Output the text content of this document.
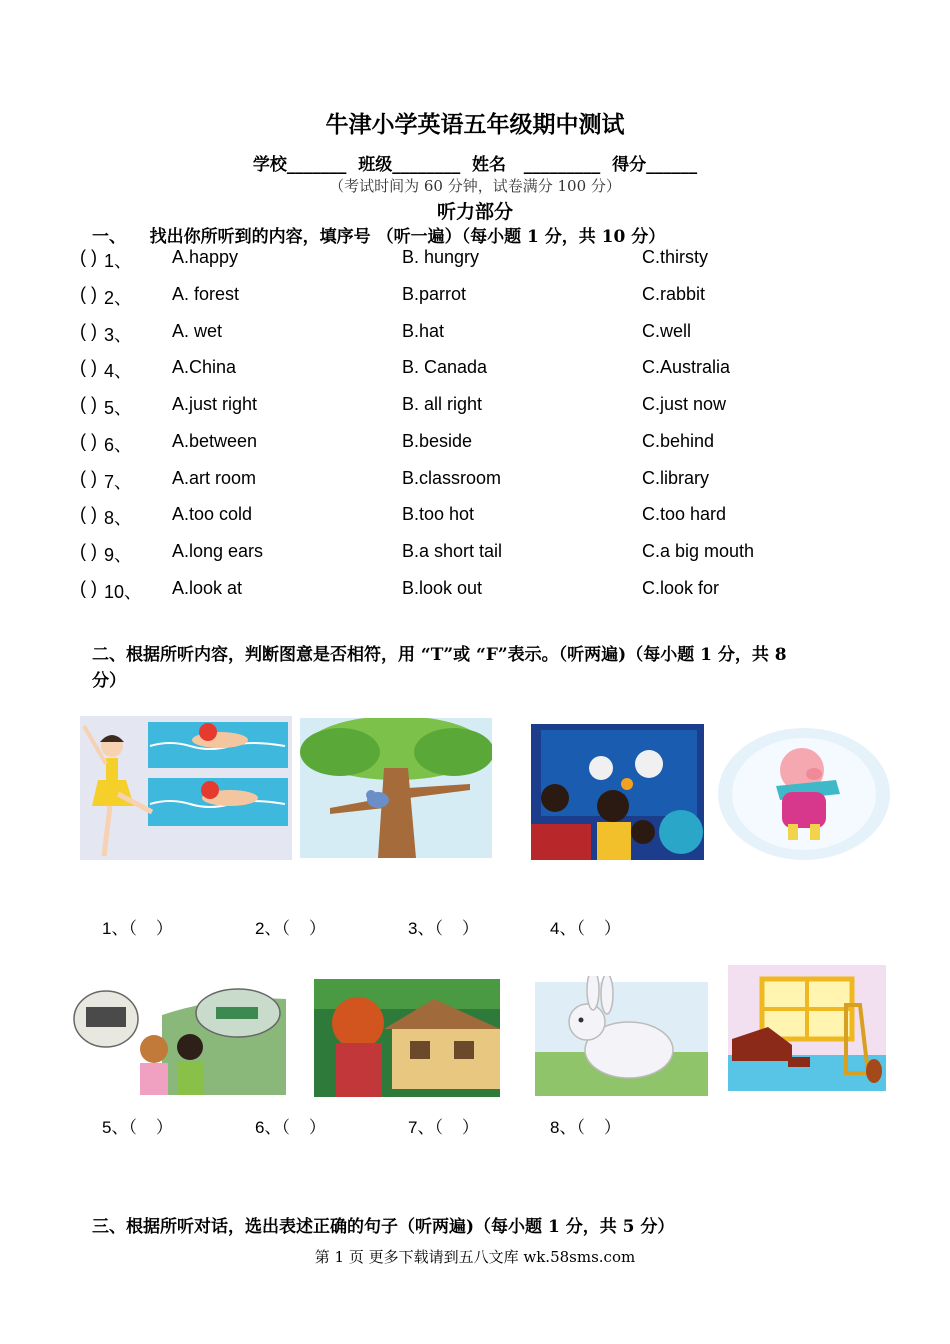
牛津小学英语五年级期中测试
学校_______  班级________  姓名   _________  得分______
（考试时间为 60 分钟，试卷满分 100 分）
听力部分
一、    找出你所听到的内容，填序号 （听一遍）（每小题 1 分，共 10 分）
( ) 1、 A.happy	B. hungry	C.thirsty
( ) 2、 A. forest	B.parrot	C.rabbit
( ) 3、 A. wet	B.hat	C.well
( ) 4、 A.China	B. Canada	C.Australia
( ) 5、 A.just right	B. all right	C.just now
( ) 6、 A.between	B.beside	C.behind
( ) 7、 A.art room	B.classroom	C.library
( ) 8、 A.too cold	B.too hot	C.too hard
( ) 9、 A.long ears	B.a short tail	C.a big mouth
( ) 10、 A.look at	B.look out	C.look for
二、根据所听内容，判断图意是否相符，用 “T”或 “F”表示。（听两遍)（每小题 1 分，共 8
分）
1、（    ）	2、（    ）	3、（    ）	4、（    ）
5、（    ）	6、（    ）	7、（    ）	8、（    ）
三、根据所听对话，选出表述正确的句子（听两遍)（每小题 1 分，共 5 分）
第 1 页 更多下载请到五八文库 wk.58sms.com
